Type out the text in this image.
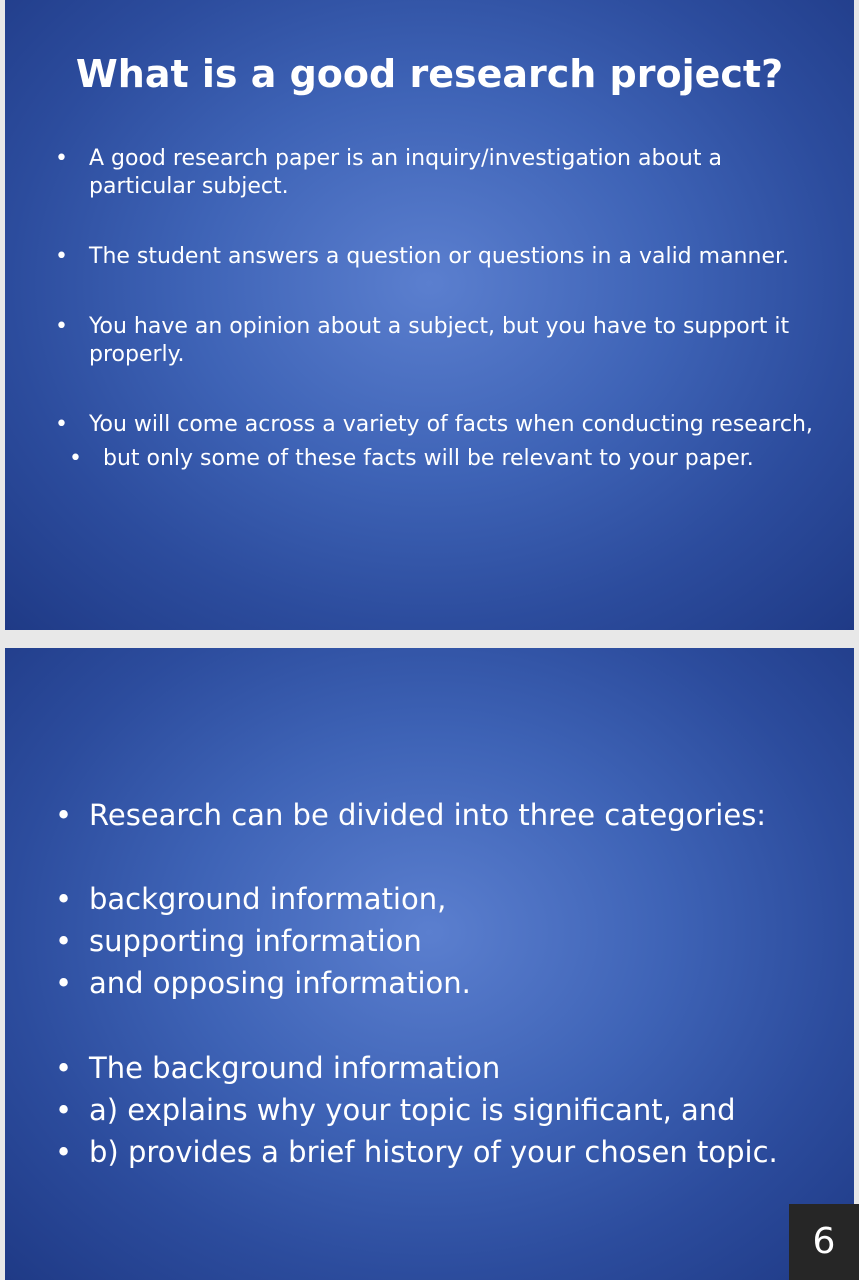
What is a good research project?
• A good research paper is an inquiry/investigation about a particular subject.
• The student answers a question or questions in a valid manner.
• You have an opinion about a subject, but you have to support it properly.
• You will come across a variety of facts when conducting research,
• but only some of these facts will be relevant to your paper.
• Research can be divided into three categories:
• background information,
• supporting information
• and opposing information.
• The background information
• a) explains why your topic is significant, and
• b) provides a brief history of your chosen topic.
6
